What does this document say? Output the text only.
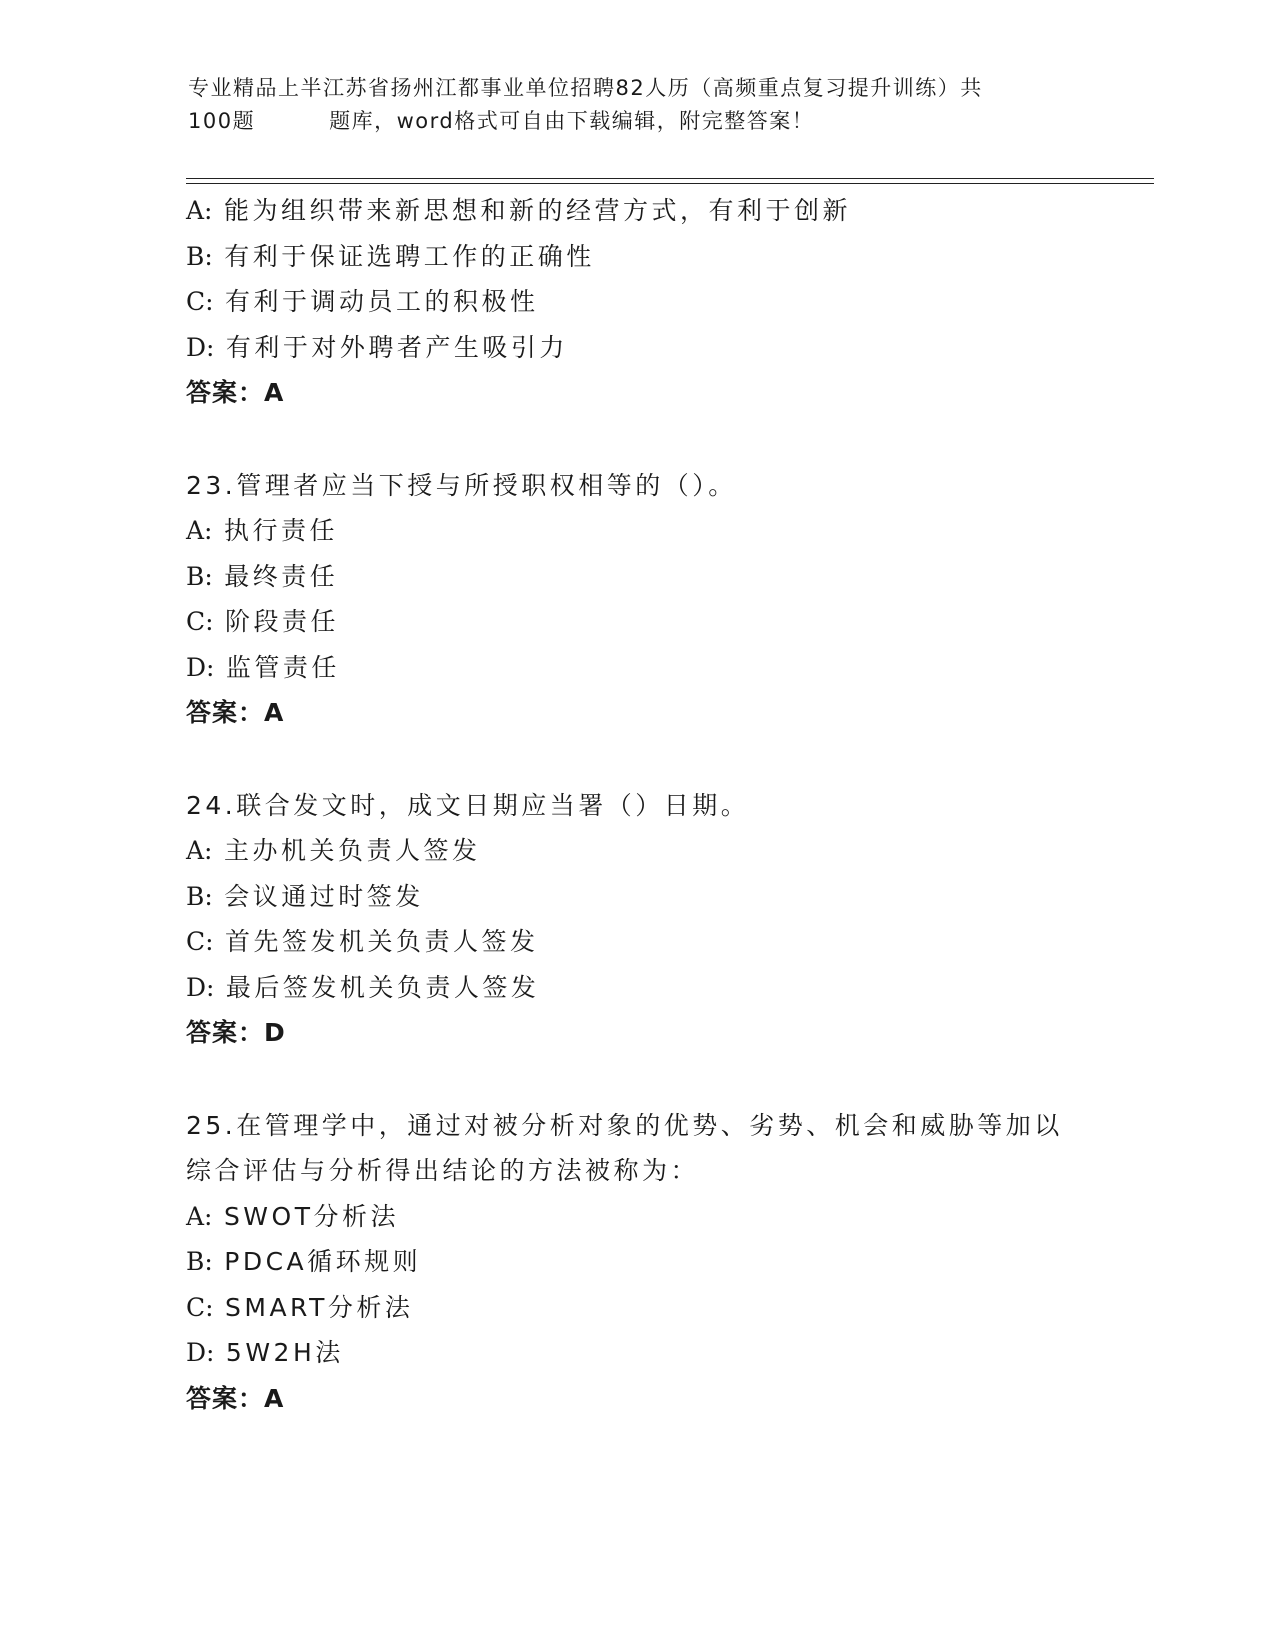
专业精品上半江苏省扬州江都事业单位招聘82人历（高频重点复习提升训练）共
100题	题库，word格式可自由下载编辑，附完整答案！
A: 能为组织带来新思想和新的经营方式，有利于创新
B: 有利于保证选聘工作的正确性
C: 有利于调动员工的积极性
D: 有利于对外聘者产生吸引力
答案：A
23.管理者应当下授与所授职权相等的（）。
A: 执行责任
B: 最终责任
C: 阶段责任
D: 监管责任
答案：A
24.联合发文时，成文日期应当署（）日期。
A: 主办机关负责人签发
B: 会议通过时签发
C: 首先签发机关负责人签发
D: 最后签发机关负责人签发
答案：D
25.在管理学中，通过对被分析对象的优势、劣势、机会和威胁等加以
综合评估与分析得出结论的方法被称为：
A: SWOT分析法
B: PDCA循环规则
C: SMART分析法
D: 5W2H法
答案：A
